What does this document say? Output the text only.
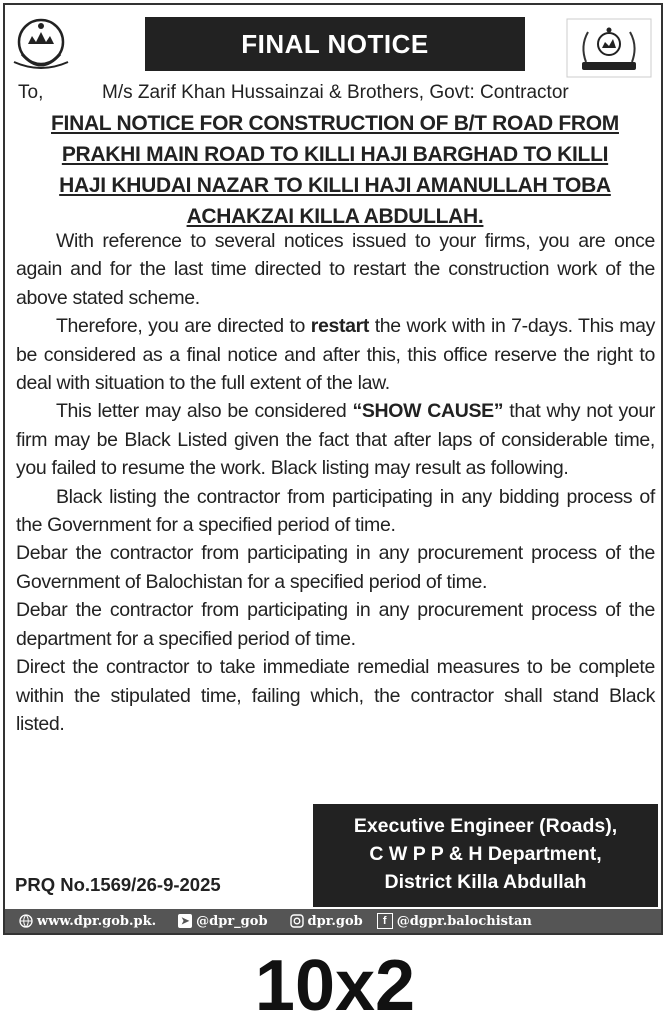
FINAL NOTICE
To,	M/s Zarif Khan Hussainzai & Brothers, Govt: Contractor
FINAL NOTICE FOR CONSTRUCTION OF B/T ROAD FROM
PRAKHI MAIN ROAD TO KILLI HAJI BARGHAD TO KILLI
HAJI KHUDAI NAZAR TO KILLI HAJI AMANULLAH TOBA
ACHAKZAI KILLA ABDULLAH.

With reference to several notices issued to your firms, you are once again and for the last time directed to restart the construction work of the above stated scheme.

Therefore, you are directed to restart the work with in 7-days. This may be considered as a final notice and after this, this office reserve the right to deal with situation to the full extent of the law.

This letter may also be considered “SHOW CAUSE” that why not your firm may be Black Listed given the fact that after laps of considerable time, you failed to resume the work. Black listing may result as following.

Black listing the contractor from participating in any bidding process of the Government for a specified period of time.

Debar the contractor from participating in any procurement process of the Government of Balochistan for a specified period of time.

Debar the contractor from participating in any procurement process of the department for a specified period of time.

Direct the contractor to take immediate remedial measures to be complete within the stipulated time, failing which, the contractor shall stand Black listed.

Executive Engineer (Roads),
C W P P & H Department,
District Killa Abdullah
PRQ No.1569/26-9-2025
www.dpr.gob.pk. ➤ @dpr_gob	dpr.gob	f @dgpr.balochistan
10x2
